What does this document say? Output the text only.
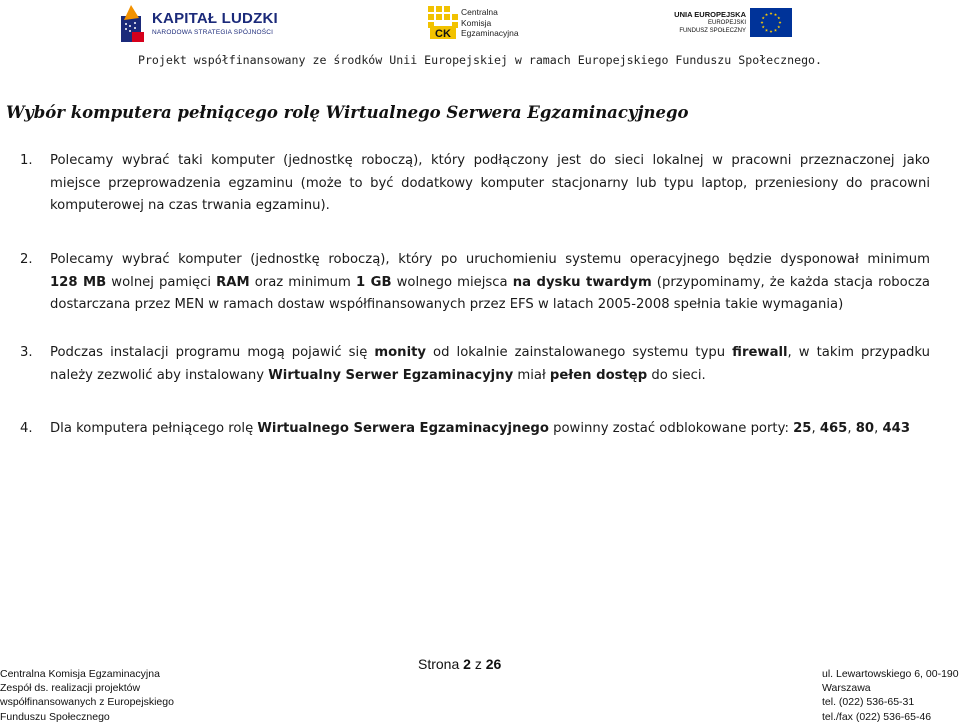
KAPITAŁ LUDZKI
NARODOWA STRATEGIA SPÓJNOŚCI	CK
Centralna
Komisja
Egzaminacyjna
UNIA EUROPEJSKA
EUROPEJSKI
FUNDUSZ SPOŁECZNY
Projekt współfinansowany ze środków Unii Europejskiej w ramach Europejskiego Funduszu Społecznego.
Wybór komputera pełniącego rolę Wirtualnego Serwera Egzaminacyjnego
1. Polecamy wybrać taki komputer (jednostkę roboczą), który podłączony jest do sieci lokalnej w pracowni przeznaczonej jako
miejsce przeprowadzenia egzaminu (może to być dodatkowy komputer stacjonarny lub typu laptop, przeniesiony do pracowni
komputerowej na czas trwania egzaminu).
2. Polecamy wybrać komputer (jednostkę roboczą), który po uruchomieniu systemu operacyjnego będzie dysponował minimum
128 MB wolnej pamięci RAM oraz minimum 1 GB wolnego miejsca na dysku twardym (przypominamy, że każda stacja robocza
dostarczana przez MEN w ramach dostaw współfinansowanych przez EFS w latach 2005-2008 spełnia takie wymagania)
3. Podczas instalacji programu mogą pojawić się monity od lokalnie zainstalowanego systemu typu firewall, w takim przypadku
należy zezwolić aby instalowany Wirtualny Serwer Egzaminacyjny miał pełen dostęp do sieci.
4. Dla komputera pełniącego rolę Wirtualnego Serwera Egzaminacyjnego powinny zostać odblokowane porty: 25, 465, 80, 443
Strona 2 z 26
Centralna Komisja Egzaminacyjna
Zespół ds. realizacji projektów
współfinansowanych z Europejskiego
Funduszu Społecznego
ul. Lewartowskiego 6, 00-190
Warszawa
tel. (022) 536-65-31
tel./fax (022) 536-65-46
